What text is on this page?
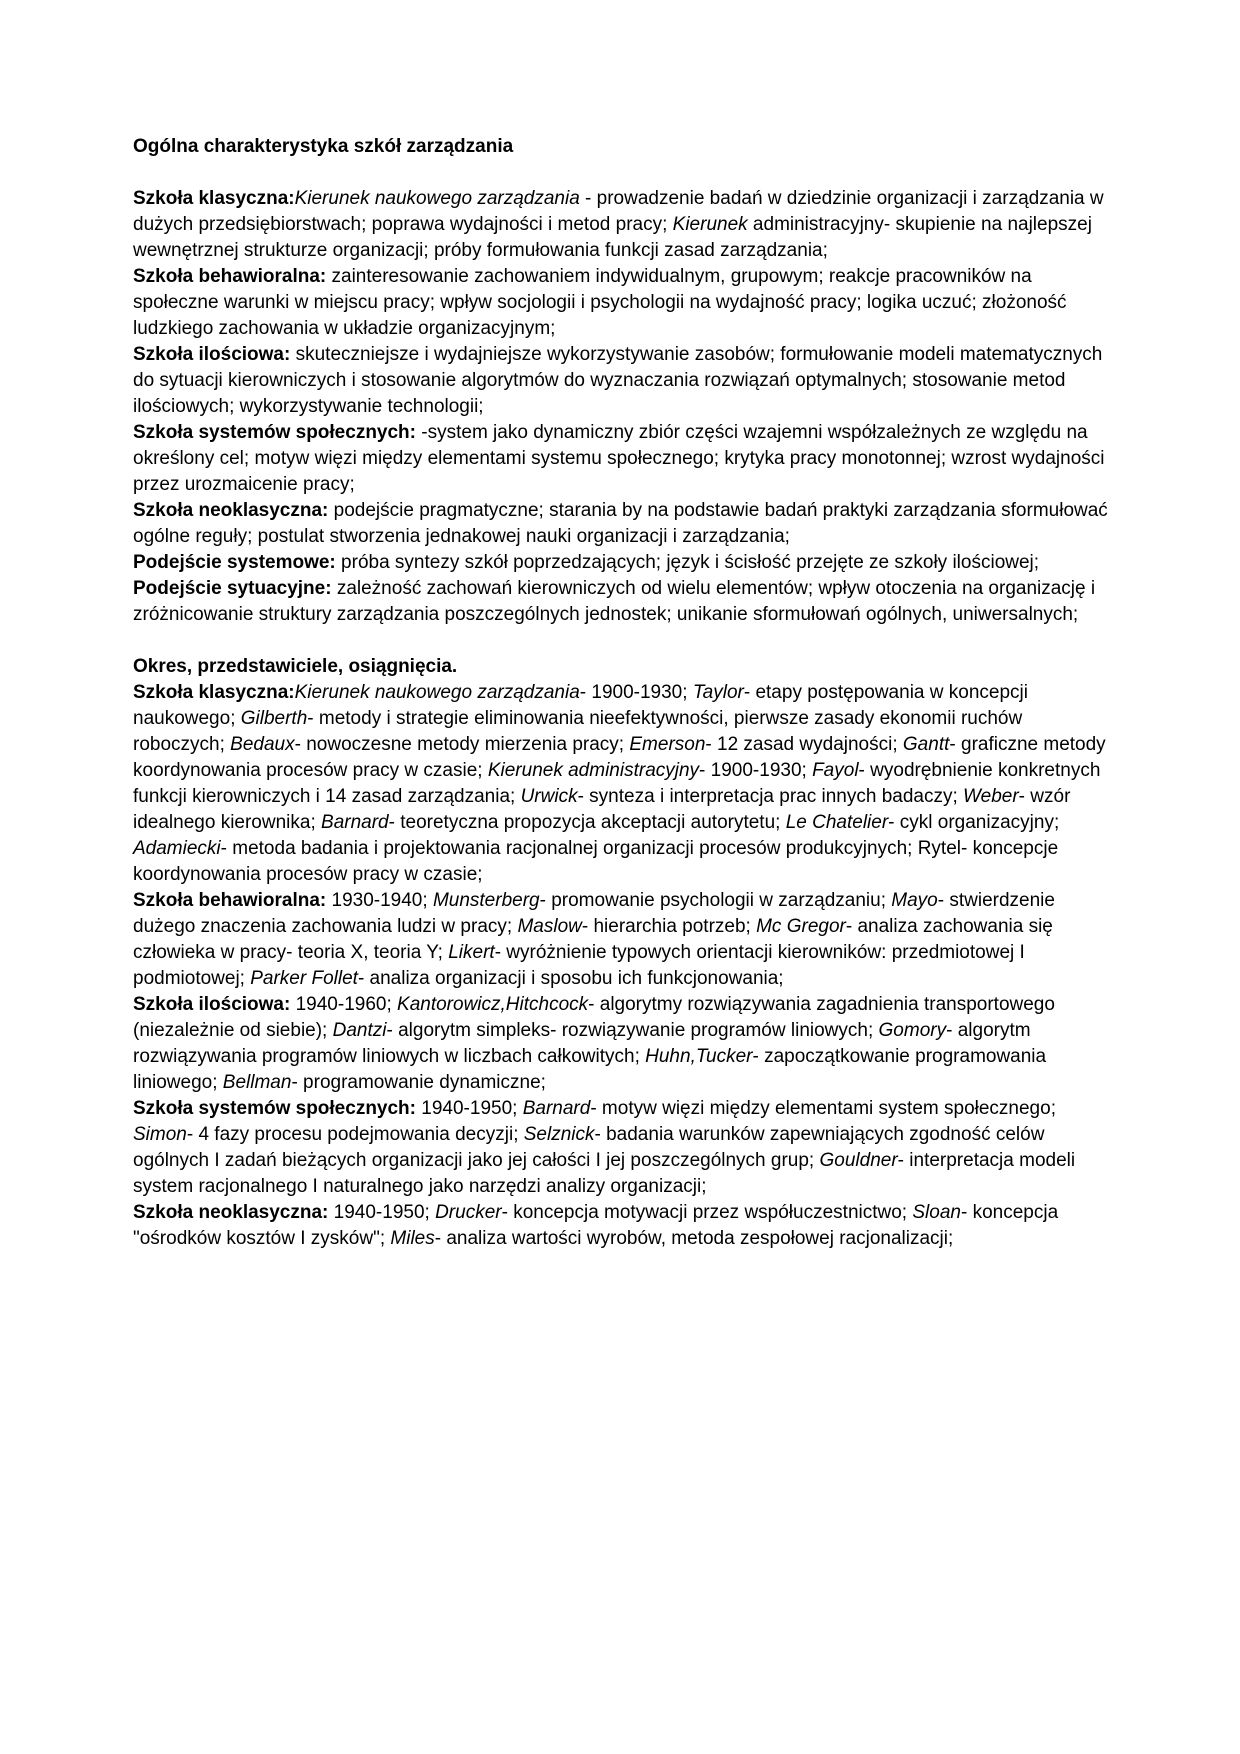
Ogólna charakterystyka szkół zarządzania

Szkoła klasyczna:Kierunek naukowego zarządzania - prowadzenie badań w dziedzinie organizacji i zarządzania w dużych przedsiębiorstwach; poprawa wydajności i metod pracy; Kierunek administracyjny- skupienie na najlepszej wewnętrznej strukturze organizacji; próby formułowania funkcji zasad zarządzania;

Szkoła behawioralna: zainteresowanie zachowaniem indywidualnym, grupowym; reakcje pracowników na społeczne warunki w miejscu pracy; wpływ socjologii i psychologii na wydajność pracy; logika uczuć; złożoność ludzkiego zachowania w układzie organizacyjnym;

Szkoła ilościowa: skuteczniejsze i wydajniejsze wykorzystywanie zasobów; formułowanie modeli matematycznych do sytuacji kierowniczych i stosowanie algorytmów do wyznaczania rozwiązań optymalnych; stosowanie metod ilościowych; wykorzystywanie technologii;

Szkoła systemów społecznych: -system jako dynamiczny zbiór części wzajemni współzależnych ze względu na określony cel; motyw więzi między elementami systemu społecznego; krytyka pracy monotonnej; wzrost wydajności przez urozmaicenie pracy;

Szkoła neoklasyczna: podejście pragmatyczne; starania by na podstawie badań praktyki zarządzania sformułować ogólne reguły; postulat stworzenia jednakowej nauki organizacji i zarządzania;

Podejście systemowe: próba syntezy szkół poprzedzających; język i ścisłość przejęte ze szkoły ilościowej;

Podejście sytuacyjne: zależność zachowań kierowniczych od wielu elementów; wpływ otoczenia na organizację i zróżnicowanie struktury zarządzania poszczególnych jednostek; unikanie sformułowań ogólnych, uniwersalnych;

Okres, przedstawiciele, osiągnięcia.

Szkoła klasyczna:Kierunek naukowego zarządzania- 1900-1930; Taylor- etapy postępowania w koncepcji naukowego; Gilberth- metody i strategie eliminowania nieefektywności, pierwsze zasady ekonomii ruchów roboczych; Bedaux- nowoczesne metody mierzenia pracy; Emerson- 12 zasad wydajności; Gantt- graficzne metody koordynowania procesów pracy w czasie; Kierunek administracyjny- 1900-1930; Fayol- wyodrębnienie konkretnych funkcji kierowniczych i 14 zasad zarządzania; Urwick- synteza i interpretacja prac innych badaczy; Weber- wzór idealnego kierownika; Barnard- teoretyczna propozycja akceptacji autorytetu; Le Chatelier- cykl organizacyjny; Adamiecki- metoda badania i projektowania racjonalnej organizacji procesów produkcyjnych; Rytel- koncepcje koordynowania procesów pracy w czasie;

Szkoła behawioralna: 1930-1940; Munsterberg- promowanie psychologii w zarządzaniu; Mayo- stwierdzenie dużego znaczenia zachowania ludzi w pracy; Maslow- hierarchia potrzeb; Mc Gregor- analiza zachowania się człowieka w pracy- teoria X, teoria Y; Likert- wyróżnienie typowych orientacji kierowników: przedmiotowej I podmiotowej; Parker Follet- analiza organizacji i sposobu ich funkcjonowania;

Szkoła ilościowa: 1940-1960; Kantorowicz,Hitchcock- algorytmy rozwiązywania zagadnienia transportowego (niezależnie od siebie); Dantzi- algorytm simpleks- rozwiązywanie programów liniowych; Gomory- algorytm rozwiązywania programów liniowych w liczbach całkowitych; Huhn,Tucker- zapoczątkowanie programowania liniowego; Bellman- programowanie dynamiczne;

Szkoła systemów społecznych: 1940-1950; Barnard- motyw więzi między elementami system społecznego; Simon- 4 fazy procesu podejmowania decyzji; Selznick- badania warunków zapewniających zgodność celów ogólnych I zadań bieżących organizacji jako jej całości I jej poszczególnych grup; Gouldner- interpretacja modeli system racjonalnego I naturalnego jako narzędzi analizy organizacji;

Szkoła neoklasyczna: 1940-1950; Drucker- koncepcja motywacji przez współuczestnictwo; Sloan- koncepcja "ośrodków kosztów I zysków"; Miles- analiza wartości wyrobów, metoda zespołowej racjonalizacji;
